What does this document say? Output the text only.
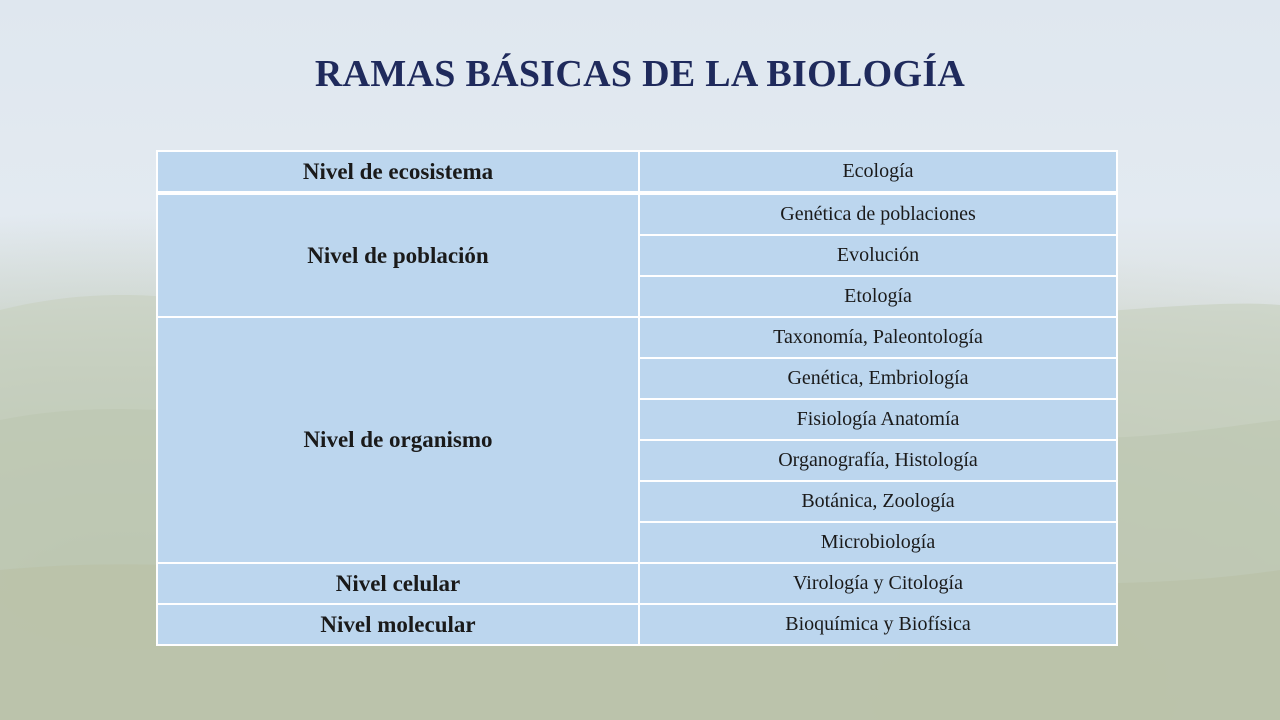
RAMAS BÁSICAS DE LA BIOLOGÍA
Nivel de ecosistema	Ecología
Nivel de población	Genética de poblaciones
	Evolución
	Etología
Nivel de organismo	Taxonomía, Paleontología
	Genética, Embriología
	Fisiología Anatomía
	Organografía, Histología
	Botánica, Zoología
	Microbiología
Nivel celular	Virología y Citología
Nivel molecular	Bioquímica y Biofísica
